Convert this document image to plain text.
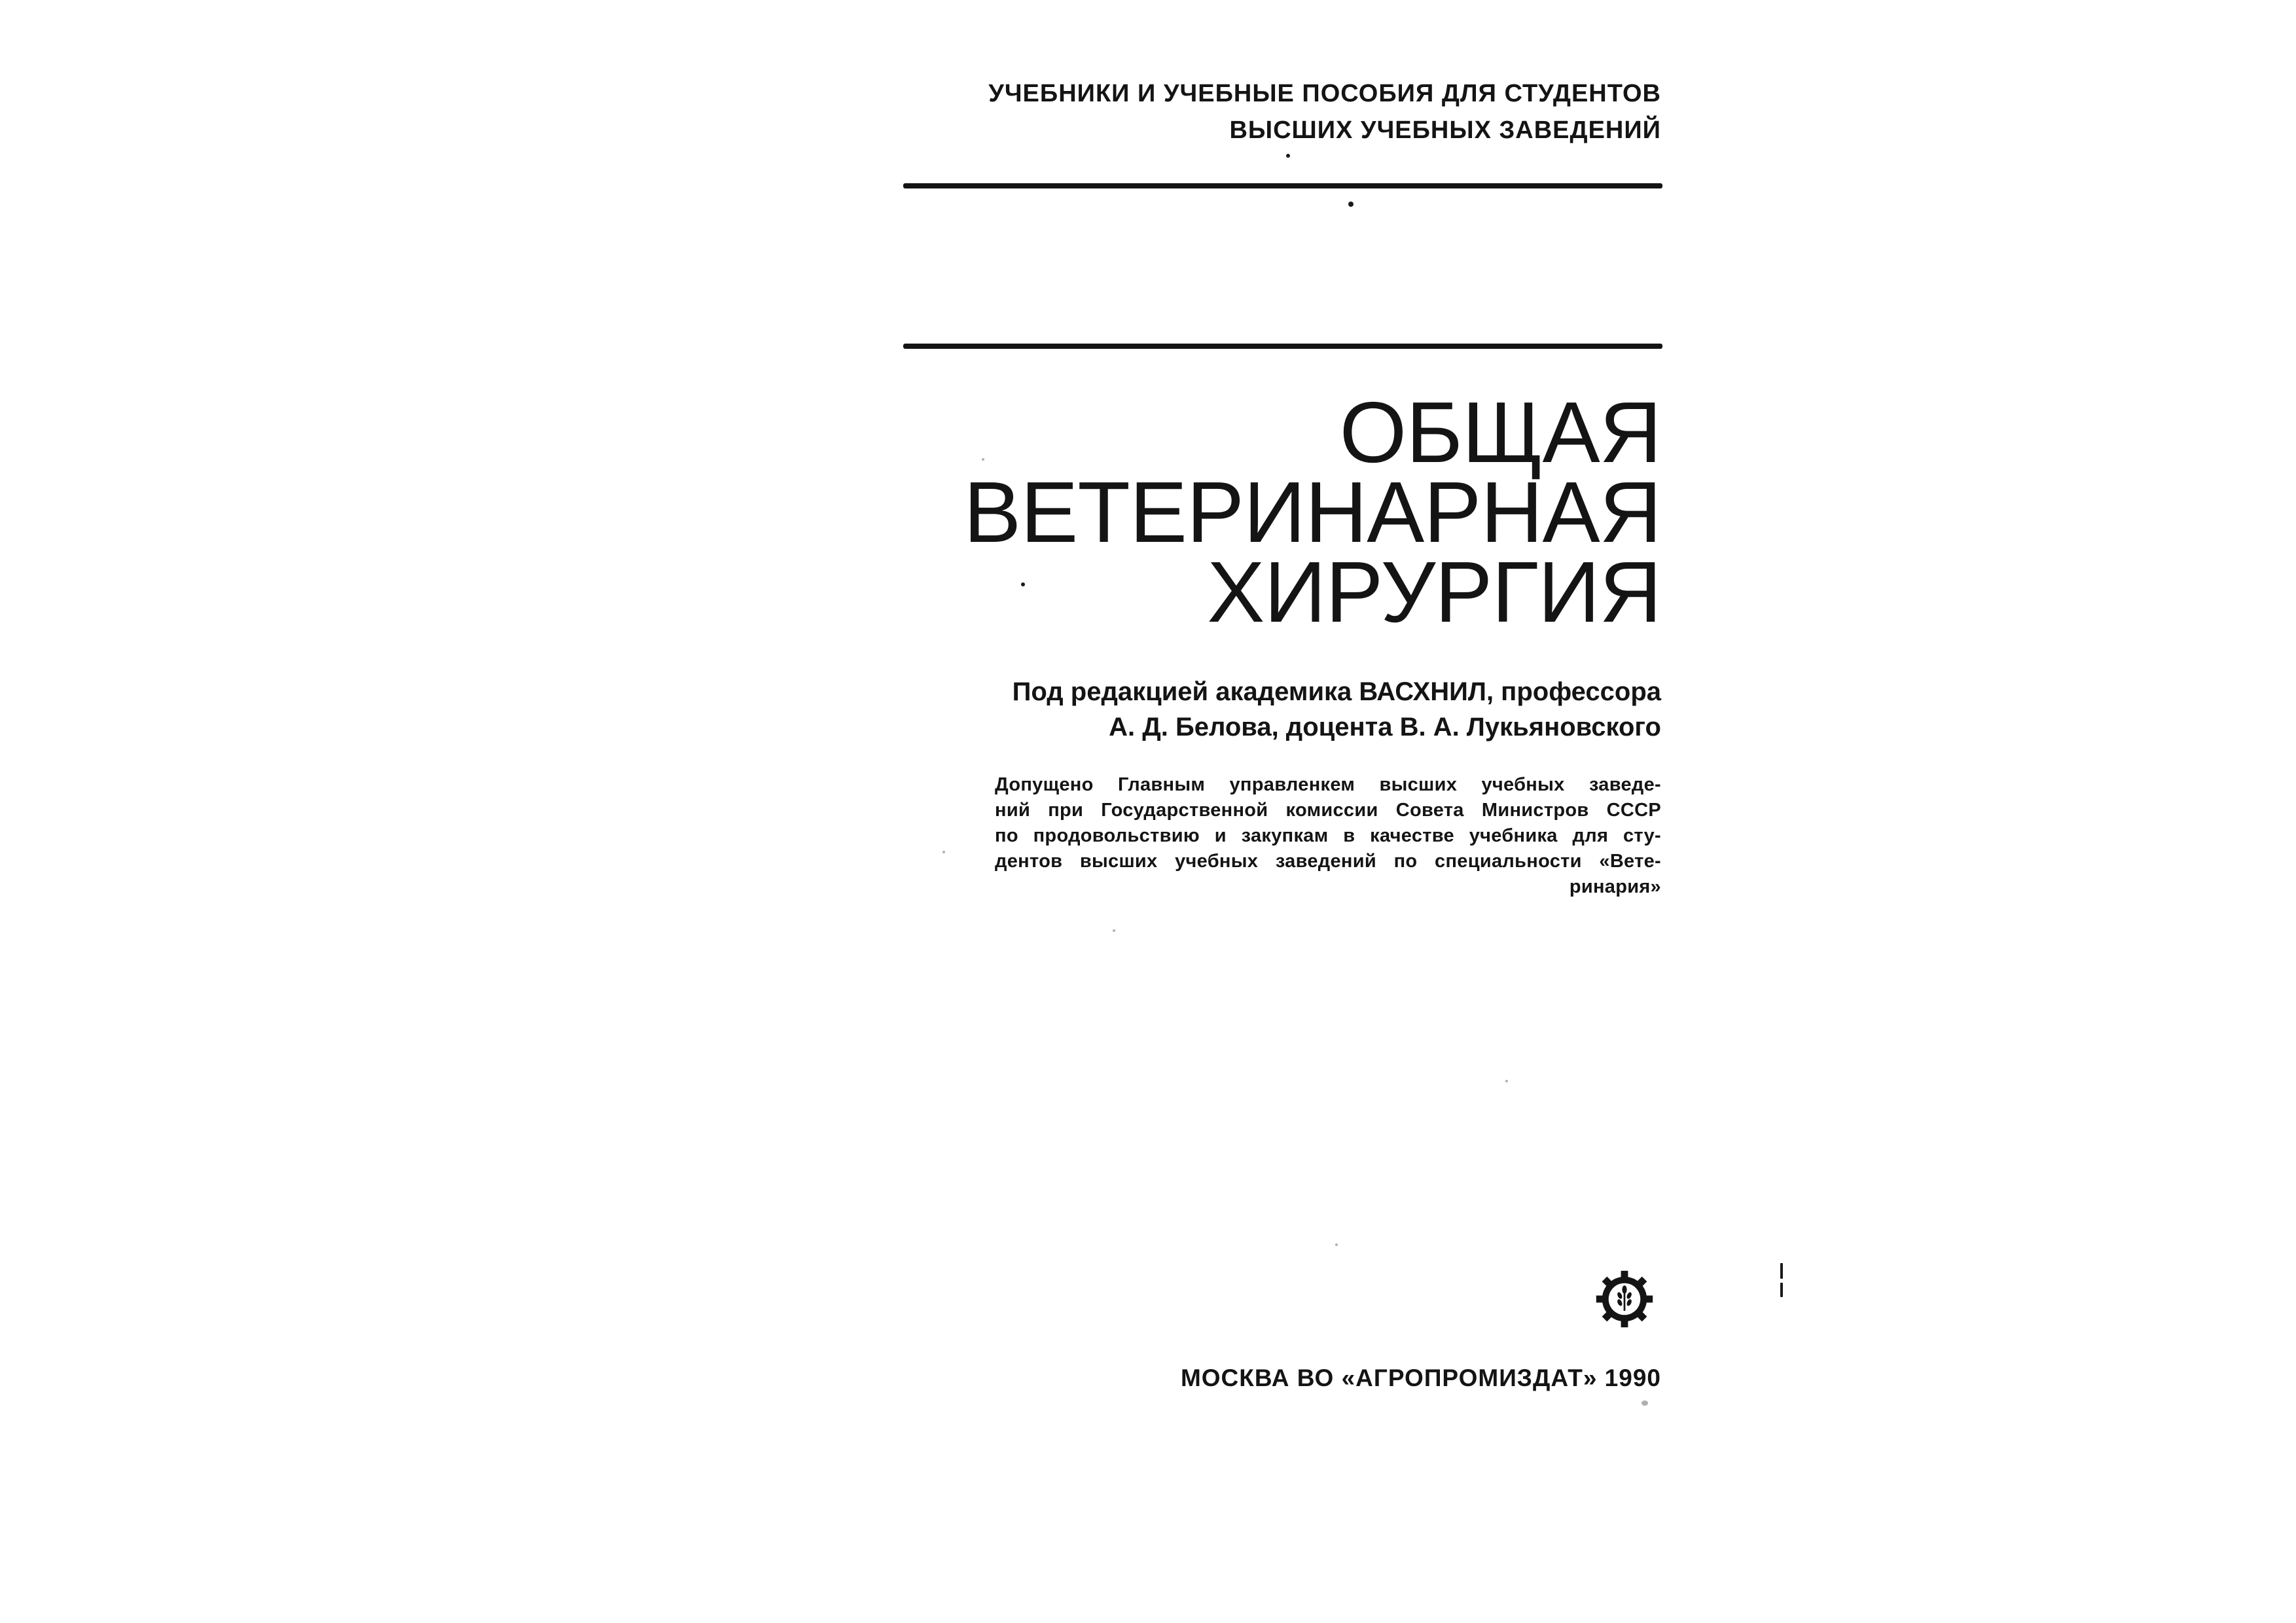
УЧЕБНИКИ И УЧЕБНЫЕ ПОСОБИЯ ДЛЯ СТУДЕНТОВ
ВЫСШИХ УЧЕБНЫХ ЗАВЕДЕНИЙ
ОБЩАЯ
ВЕТЕРИНАРНАЯ
ХИРУРГИЯ
Под редакцией академика ВАСХНИЛ, профессора
А. Д. Белова, доцента В. А. Лукьяновского
Допущено Главным управленкем высших учебных заведе-
ний при Государственной комиссии Совета Министров СССР
по продовольствию и закупкам в качестве учебника для сту-
дентов высших учебных заведений по специальности «Вете-
ринария»
МОСКВА ВО «АГРОПРОМИЗДАТ» 1990
